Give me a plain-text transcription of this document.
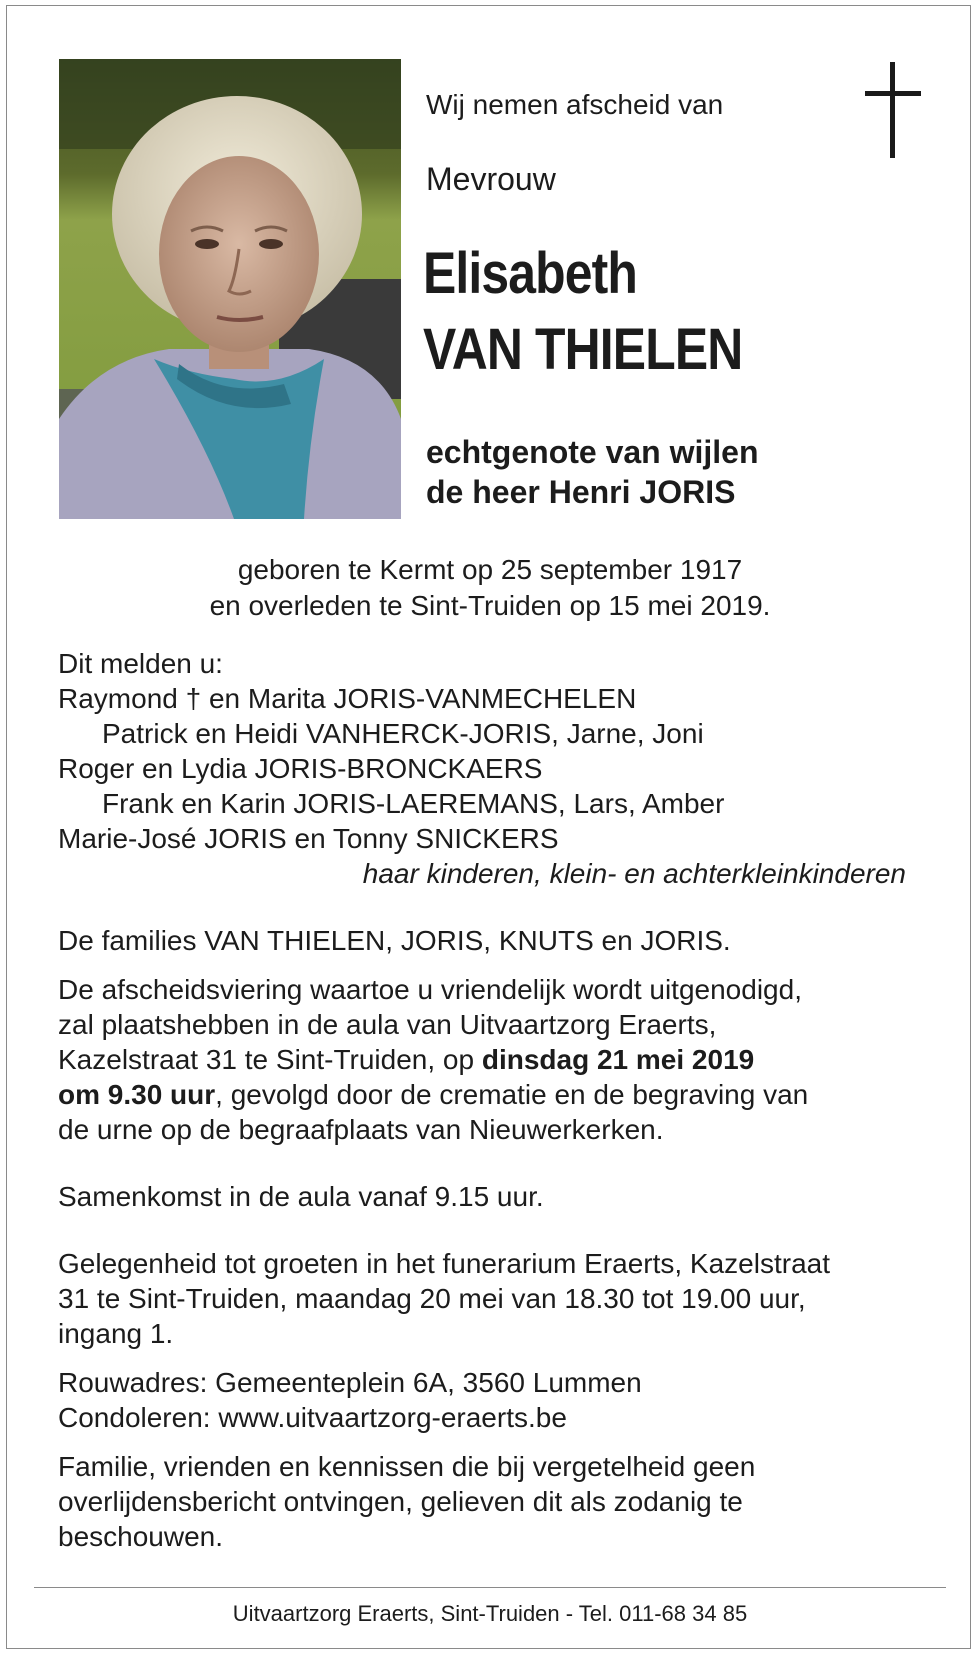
Wij nemen afscheid van
Mevrouw
Elisabeth
VAN THIELEN
echtgenote van wijlen
de heer Henri JORIS
geboren te Kermt op 25 september 1917
en overleden te Sint-Truiden op 15 mei 2019.
Dit melden u:
Raymond † en Marita JORIS-VANMECHELEN
Patrick en Heidi VANHERCK-JORIS, Jarne, Joni
Roger en Lydia JORIS-BRONCKAERS
Frank en Karin JORIS-LAEREMANS, Lars, Amber
Marie-José JORIS en Tonny SNICKERS
haar kinderen, klein- en achterkleinkinderen
De families VAN THIELEN, JORIS, KNUTS en JORIS.
De afscheidsviering waartoe u vriendelijk wordt uitgenodigd,
zal plaatshebben in de aula van Uitvaartzorg Eraerts,
Kazelstraat 31 te Sint-Truiden, op dinsdag 21 mei 2019
om 9.30 uur, gevolgd door de crematie en de begraving van
de urne op de begraafplaats van Nieuwerkerken.
Samenkomst in de aula vanaf 9.15 uur.
Gelegenheid tot groeten in het funerarium Eraerts, Kazelstraat
31 te Sint-Truiden, maandag 20 mei van 18.30 tot 19.00 uur,
ingang 1.
Rouwadres: Gemeenteplein 6A, 3560 Lummen
Condoleren: www.uitvaartzorg-eraerts.be
Familie, vrienden en kennissen die bij vergetelheid geen
overlijdensbericht ontvingen, gelieven dit als zodanig te
beschouwen.
Uitvaartzorg Eraerts, Sint-Truiden - Tel. 011-68 34 85
